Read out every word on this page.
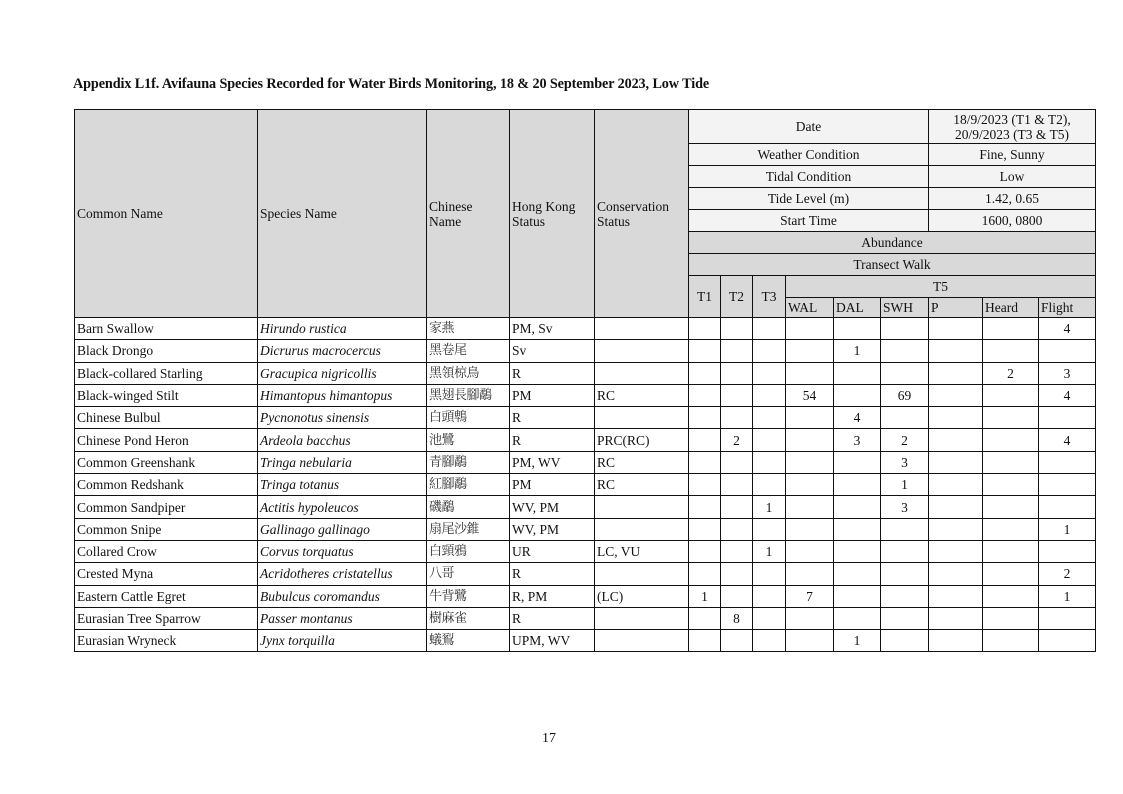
Appendix L1f. Avifauna Species Recorded for Water Birds Monitoring, 18 & 20 September 2023, Low Tide
Common Name	Species Name	Chinese Name	Hong Kong Status	Conservation Status	Date						18/9/2023 (T1 & T2), 20/9/2023 (T3 & T5)		
					Weather Condition						Fine, Sunny		
					Tidal Condition						Low		
					Tide Level (m)						1.42, 0.65		
					Start Time						1600, 0800		
					Abundance								
					Transect Walk								
					T1	T2	T3	T5					
								WAL	DAL	SWH	P	Heard	Flight
Barn Swallow	Hirundo rustica	家燕	PM, Sv										4
Black Drongo	Dicrurus macrocercus	黑卷尾	Sv						1				
Black-collared Starling	Gracupica nigricollis	黑領椋鳥	R									2	3
Black-winged Stilt	Himantopus himantopus	黑翅長腳鷸	PM	RC				54		69			4
Chinese Bulbul	Pycnonotus sinensis	白頭鵯	R						4				
Chinese Pond Heron	Ardeola bacchus	池鷺	R	PRC(RC)		2			3	2			4
Common Greenshank	Tringa nebularia	青腳鷸	PM, WV	RC						3			
Common Redshank	Tringa totanus	紅腳鷸	PM	RC						1			
Common Sandpiper	Actitis hypoleucos	磯鷸	WV, PM				1			3			
Common Snipe	Gallinago gallinago	扇尾沙錐	WV, PM										1
Collared Crow	Corvus torquatus	白頸鴉	UR	LC, VU			1						
Crested Myna	Acridotheres cristatellus	八哥	R										2
Eastern Cattle Egret	Bubulcus coromandus	牛背鷺	R, PM	(LC)	1			7					1
Eurasian Tree Sparrow	Passer montanus	樹麻雀	R			8							
Eurasian Wryneck	Jynx torquilla	蟻鴷	UPM, WV						1				
17
